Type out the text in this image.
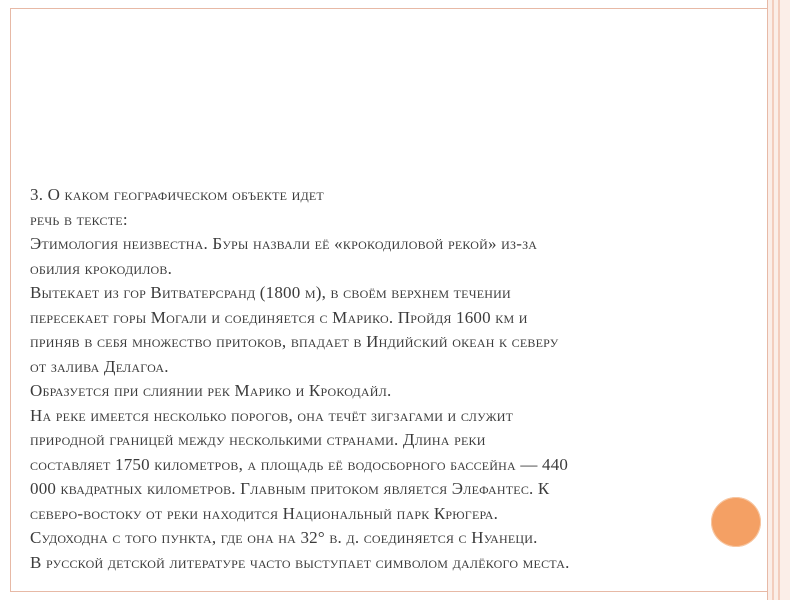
3. О каком географическом объекте идет

речь в тексте:

Этимология неизвестна. Буры назвали её «крокодиловой рекой» из-за

обилия крокодилов.

Вытекает из гор Витватерсранд (1800 м), в своём верхнем течении

пересекает горы Могали и соединяется с Марико. Пройдя 1600 км и

приняв в себя множество притоков, впадает в Индийский океан к северу

от залива Делагоа.

Образуется при слиянии рек Марико и Крокодайл.

На реке имеется несколько порогов, она течёт зигзагами и служит

природной границей между несколькими странами. Длина реки

составляет 1750 километров, а площадь её водосборного бассейна — 440

000 квадратных километров. Главным притоком является Элефантес. К

северо-востоку от реки находится Национальный парк Крюгера.

Судоходна с того пункта, где она на 32° в. д. соединяется с Нуанеци.

В русской детской литературе часто выступает символом далёкого места.
